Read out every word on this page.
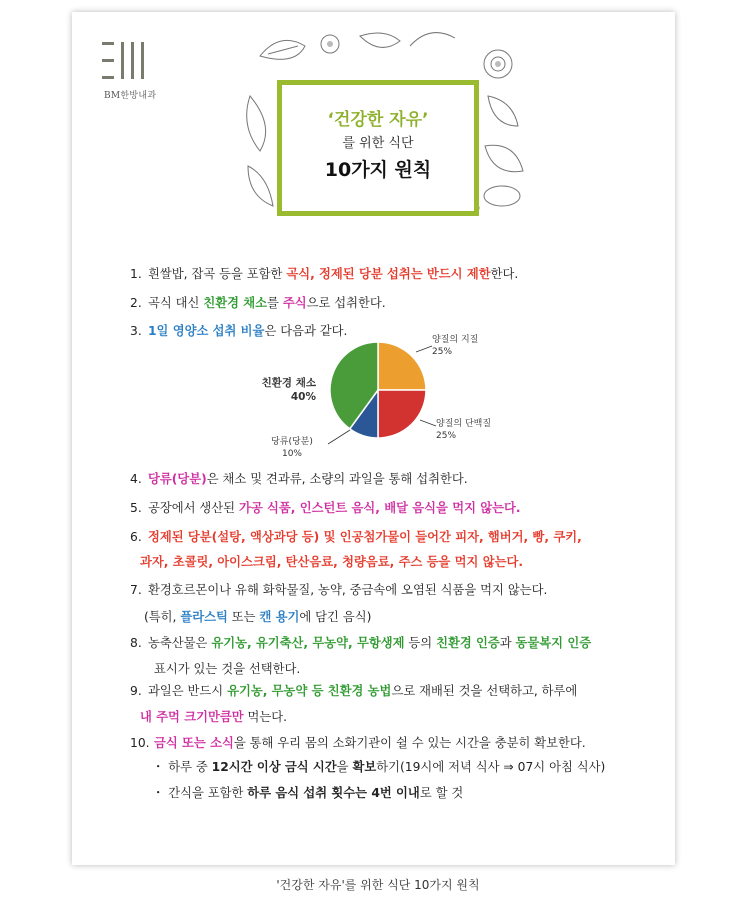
BM한방내과
‘건강한 자유’
를 위한 식단
10가지 원칙
1. 흰쌀밥, 잡곡 등을 포함한 곡식, 정제된 당분 섭취는 반드시 제한한다.
2. 곡식 대신 친환경 채소를 주식으로 섭취한다.
3. 1일 영양소 섭취 비율은 다음과 같다.
4. 당류(당분)은 채소 및 견과류, 소량의 과일을 통해 섭취한다.
5. 공장에서 생산된 가공 식품, 인스턴트 음식, 배달 음식을 먹지 않는다.
6. 정제된 당분(설탕, 액상과당 등) 및 인공첨가물이 들어간 피자, 햄버거, 빵, 쿠키,
과자, 초콜릿, 아이스크림, 탄산음료, 청량음료, 주스 등을 먹지 않는다.
7. 환경호르몬이나 유해 화학물질, 농약, 중금속에 오염된 식품을 먹지 않는다.
(특히, 플라스틱 또는 캔 용기에 담긴 음식)
8. 농축산물은 유기농, 유기축산, 무농약, 무항생제 등의 친환경 인증과 동물복지 인증
표시가 있는 것을 선택한다.
9. 과일은 반드시 유기농, 무농약 등 친환경 농법으로 재배된 것을 선택하고, 하루에
내 주먹 크기만큼만 먹는다.
10. 금식 또는 소식을 통해 우리 몸의 소화기관이 쉴 수 있는 시간을 충분히 확보한다.
・ 하루 중 12시간 이상 금식 시간을 확보하기(19시에 저녁 식사 ⇒ 07시 아침 식사)
・ 간식을 포함한 하루 음식 섭취 횟수는 4번 이내로 할 것
양질의 지질
25%
양질의 단백질
25%
당류(당분)
10%
친환경 채소
40%
'건강한 자유'를 위한 식단 10가지 원칙
